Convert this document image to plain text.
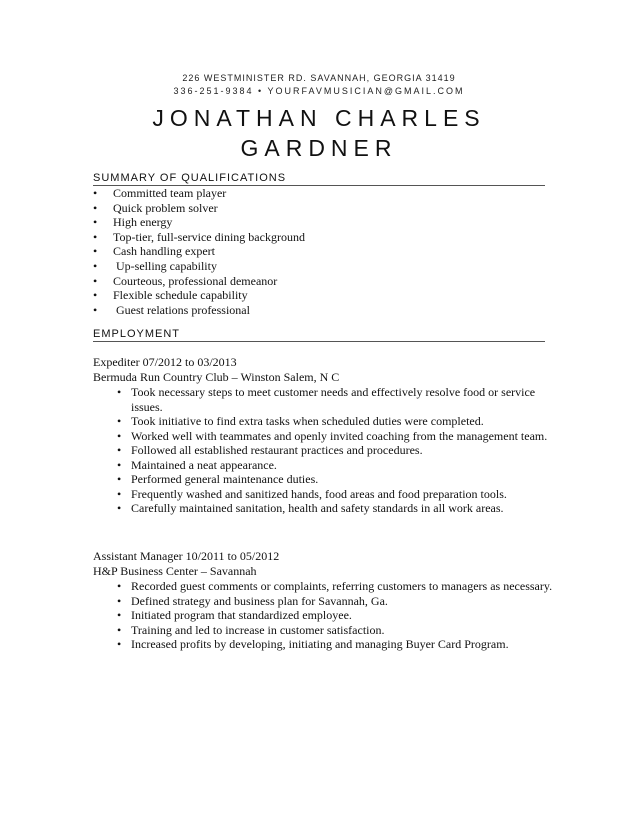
226 WESTMINISTER RD. SAVANNAH, GEORGIA 31419
336-251-9384 • YOURFAVMUSICIAN@GMAIL.COM
JONATHAN CHARLES
GARDNER
SUMMARY OF QUALIFICATIONS
• Committed team player
• Quick problem solver
• High energy
• Top-tier, full-service dining background
• Cash handling expert
• Up-selling capability
• Courteous, professional demeanor
• Flexible schedule capability
• Guest relations professional
EMPLOYMENT
Expediter 07/2012 to 03/2013
Bermuda Run Country Club – Winston Salem, N C
• Took necessary steps to meet customer needs and effectively resolve food or service issues.
• Took initiative to find extra tasks when scheduled duties were completed.
• Worked well with teammates and openly invited coaching from the management team.
• Followed all established restaurant practices and procedures.
• Maintained a neat appearance.
• Performed general maintenance duties.
• Frequently washed and sanitized hands, food areas and food preparation tools.
• Carefully maintained sanitation, health and safety standards in all work areas.
Assistant Manager 10/2011 to 05/2012
H&P Business Center – Savannah
• Recorded guest comments or complaints, referring customers to managers as necessary.
• Defined strategy and business plan for Savannah, Ga.
• Initiated program that standardized employee.
• Training and led to increase in customer satisfaction.
• Increased profits by developing, initiating and managing Buyer Card Program.
